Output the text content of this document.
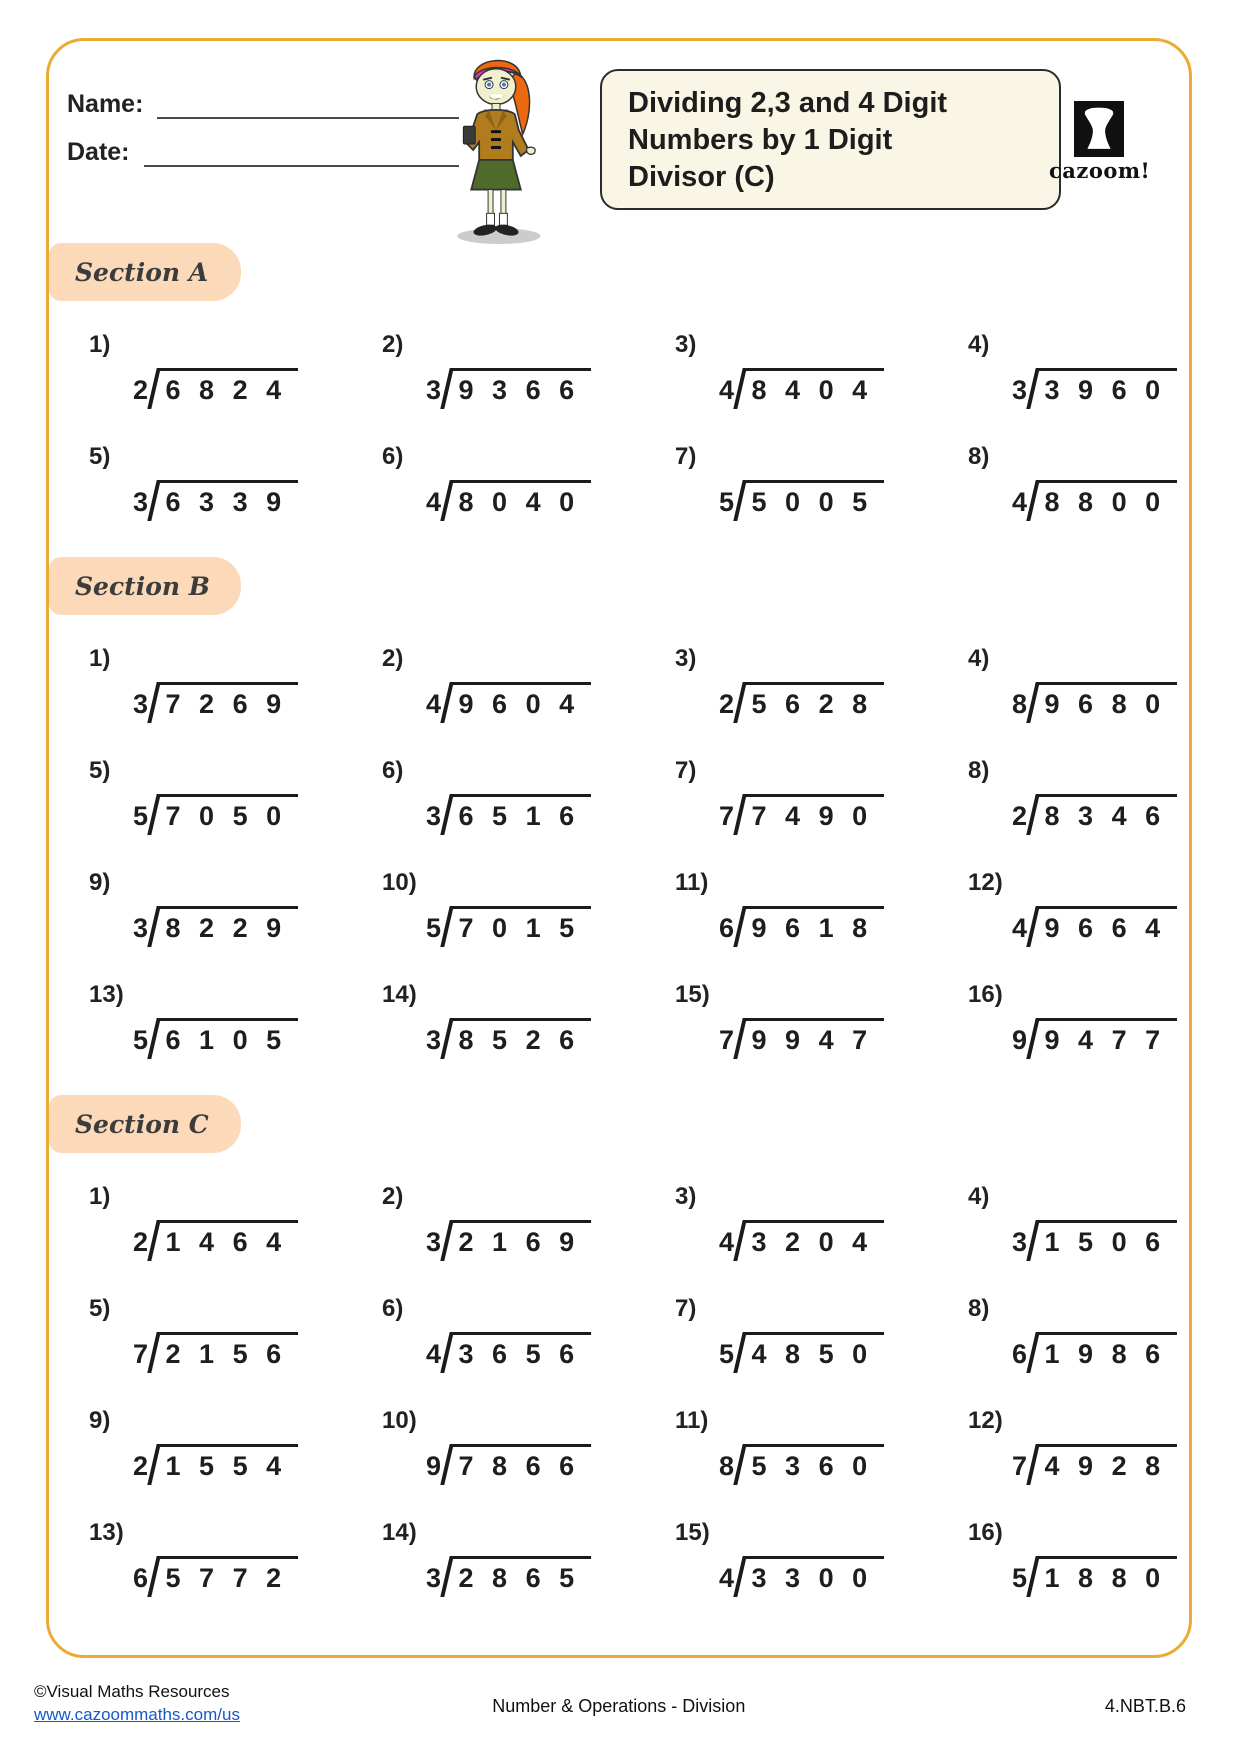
Name:
Date:
Dividing 2,3 and 4 Digit
Numbers by 1 Digit
Divisor (C)	cazoom!
Section A
1)
2 6 8 2 4
2)
3 9 3 6 6
3)
4 8 4 0 4
4)
3 3 9 6 0
5)
3 6 3 3 9
6)
4 8 0 4 0
7)
5 5 0 0 5
8)
4 8 8 0 0
Section B
1)
3 7 2 6 9
2)
4 9 6 0 4
3)
2 5 6 2 8
4)
8 9 6 8 0
5)
5 7 0 5 0
6)
3 6 5 1 6
7)
7 7 4 9 0
8)
2 8 3 4 6
9)
3 8 2 2 9
10)
5 7 0 1 5
11)
6 9 6 1 8
12)
4 9 6 6 4
13)
5 6 1 0 5
14)
3 8 5 2 6
15)
7 9 9 4 7
16)
9 9 4 7 7
Section C
1)
2 1 4 6 4
2)
3 2 1 6 9
3)
4 3 2 0 4
4)
3 1 5 0 6
5)
7 2 1 5 6
6)
4 3 6 5 6
7)
5 4 8 5 0
8)
6 1 9 8 6
9)
2 1 5 5 4
10)
9 7 8 6 6
11)
8 5 3 6 0
12)
7 4 9 2 8
13)
6 5 7 7 2
14)
3 2 8 6 5
15)
4 3 3 0 0
16)
5 1 8 8 0
©Visual Maths Resources
www.cazoommaths.com/us	Number & Operations - Division	4.NBT.B.6
